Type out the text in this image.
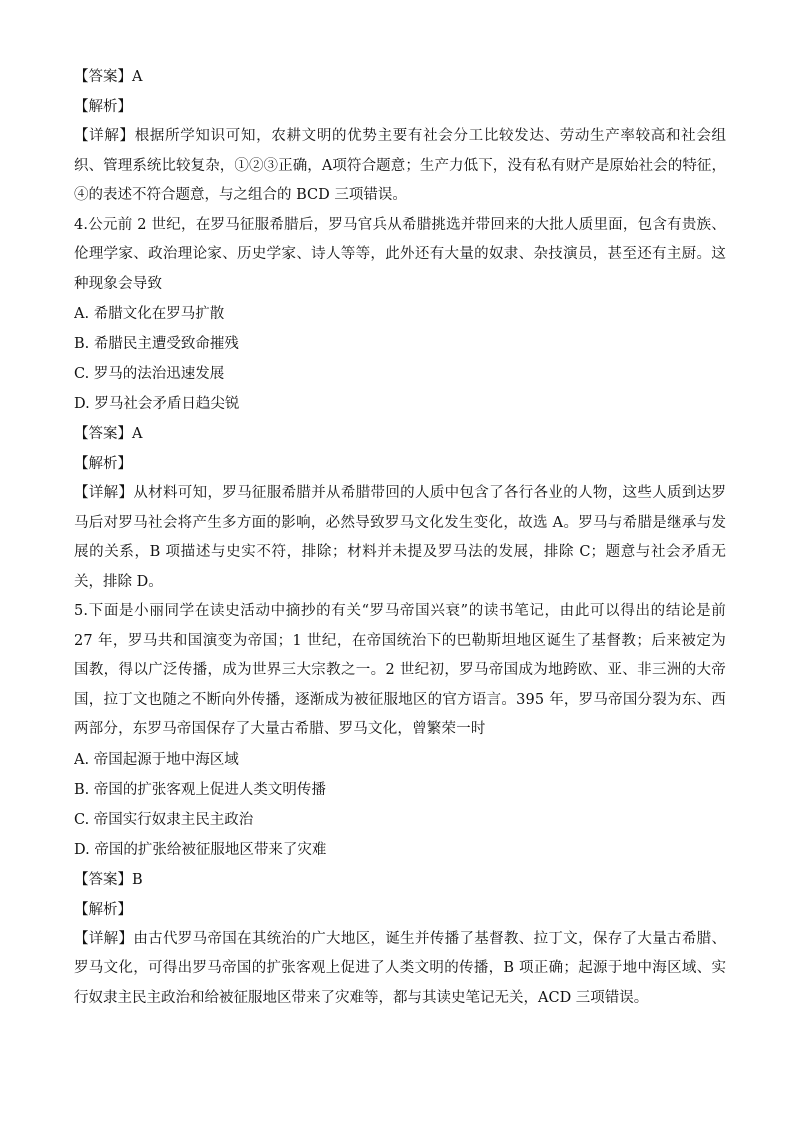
【答案】A
【解析】
【详解】根据所学知识可知，农耕文明的优势主要有社会分工比较发达、劳动生产率较高和社会组织、管理系统比较复杂，①②③正确，A项符合题意；生产力低下，没有私有财产是原始社会的特征，④的表述不符合题意，与之组合的 BCD 三项错误。
4.公元前 2 世纪，在罗马征服希腊后，罗马官兵从希腊挑选并带回来的大批人质里面，包含有贵族、伦理学家、政治理论家、历史学家、诗人等等，此外还有大量的奴隶、杂技演员，甚至还有主厨。这种现象会导致
A. 希腊文化在罗马扩散
B. 希腊民主遭受致命摧残
C. 罗马的法治迅速发展
D. 罗马社会矛盾日趋尖锐
【答案】A
【解析】
【详解】从材料可知，罗马征服希腊并从希腊带回的人质中包含了各行各业的人物，这些人质到达罗马后对罗马社会将产生多方面的影响，必然导致罗马文化发生变化，故选 A。罗马与希腊是继承与发展的关系，B 项描述与史实不符，排除；材料并未提及罗马法的发展，排除 C；题意与社会矛盾无关，排除 D。
5.下面是小丽同学在读史活动中摘抄的有关“罗马帝国兴衰”的读书笔记，由此可以得出的结论是前 27 年，罗马共和国演变为帝国；1 世纪，在帝国统治下的巴勒斯坦地区诞生了基督教；后来被定为国教，得以广泛传播，成为世界三大宗教之一。2 世纪初，罗马帝国成为地跨欧、亚、非三洲的大帝国，拉丁文也随之不断向外传播，逐渐成为被征服地区的官方语言。395 年，罗马帝国分裂为东、西两部分，东罗马帝国保存了大量古希腊、罗马文化，曾繁荣一时
A. 帝国起源于地中海区域
B. 帝国的扩张客观上促进人类文明传播
C. 帝国实行奴隶主民主政治
D. 帝国的扩张给被征服地区带来了灾难
【答案】B
【解析】
【详解】由古代罗马帝国在其统治的广大地区，诞生并传播了基督教、拉丁文，保存了大量古希腊、罗马文化，可得出罗马帝国的扩张客观上促进了人类文明的传播，B 项正确；起源于地中海区域、实行奴隶主民主政治和给被征服地区带来了灾难等，都与其读史笔记无关，ACD 三项错误。
